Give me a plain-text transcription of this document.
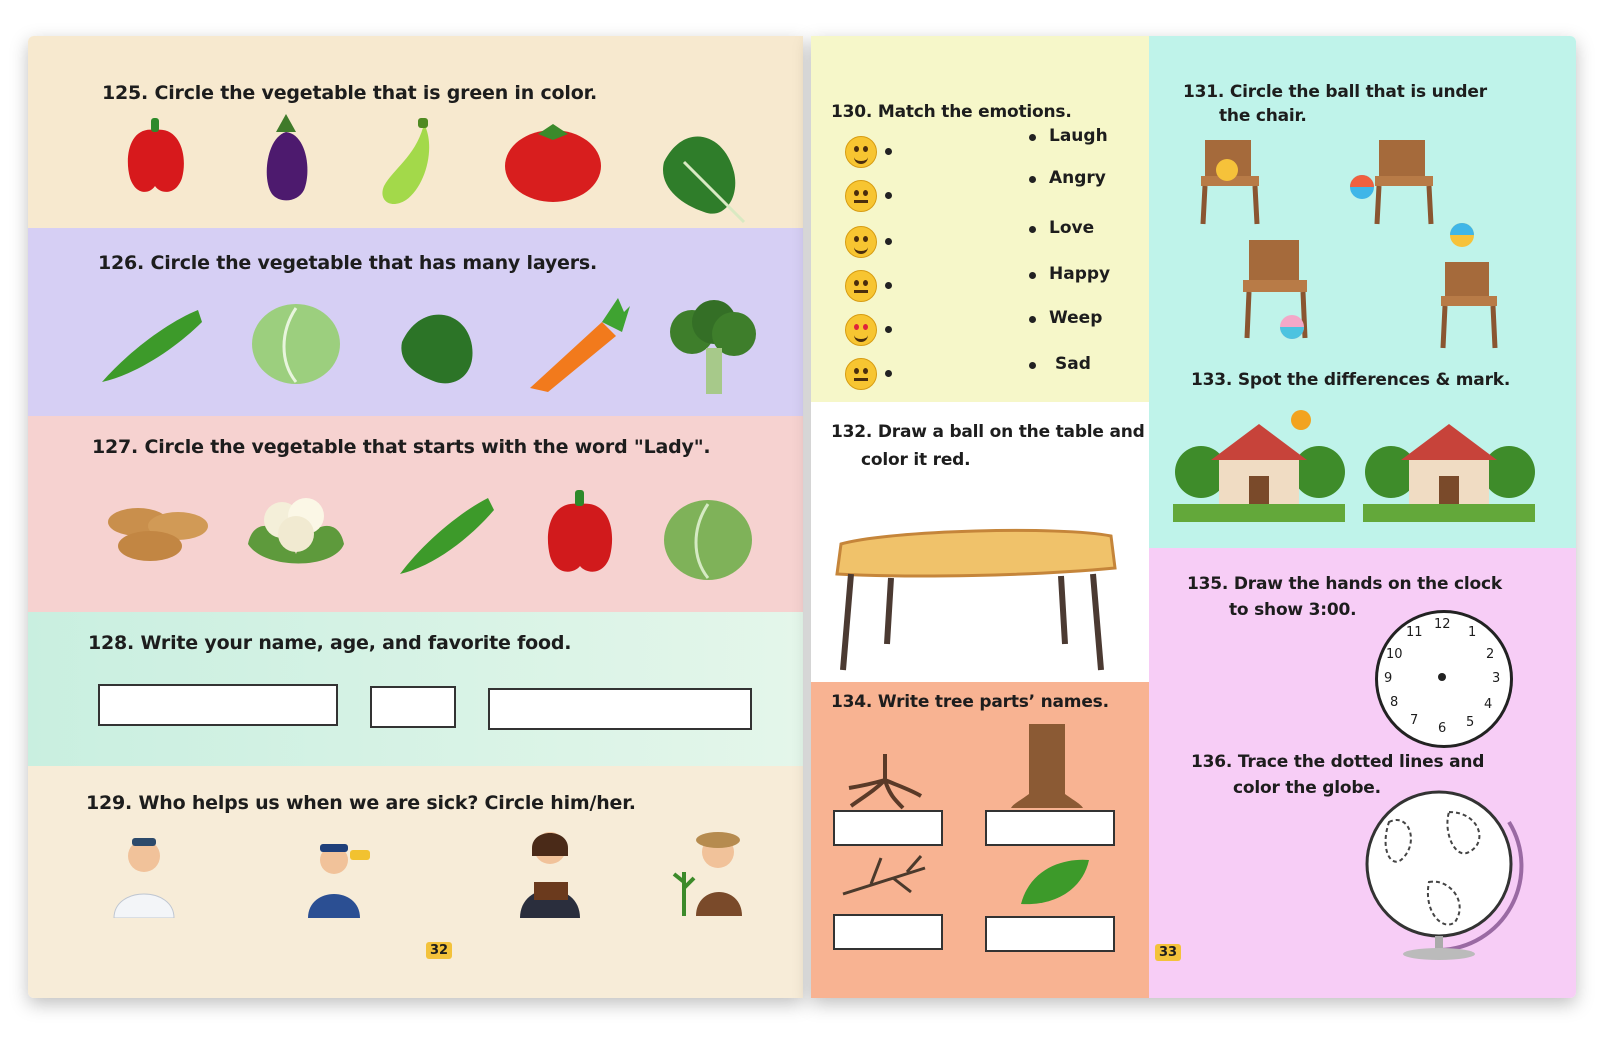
125. Circle the vegetable that is green in color.
126. Circle the vegetable that has many layers.
127. Circle the vegetable that starts with the word "Lady".
128. Write your name, age, and favorite food.
129. Who helps us when we are sick? Circle him/her.
32
130. Match the emotions.
Laugh
Angry
Love
Happy
Weep
Sad
132. Draw a ball on the table and
color it red.
134. Write tree parts’ names.
33
131. Circle the ball that is under
the chair.
133. Spot the differences & mark.
135. Draw the hands on the clock
to show 3:00.
12
1
2
3
4
5
6
7
8
9
10
11
136. Trace the dotted lines and
color the globe.
